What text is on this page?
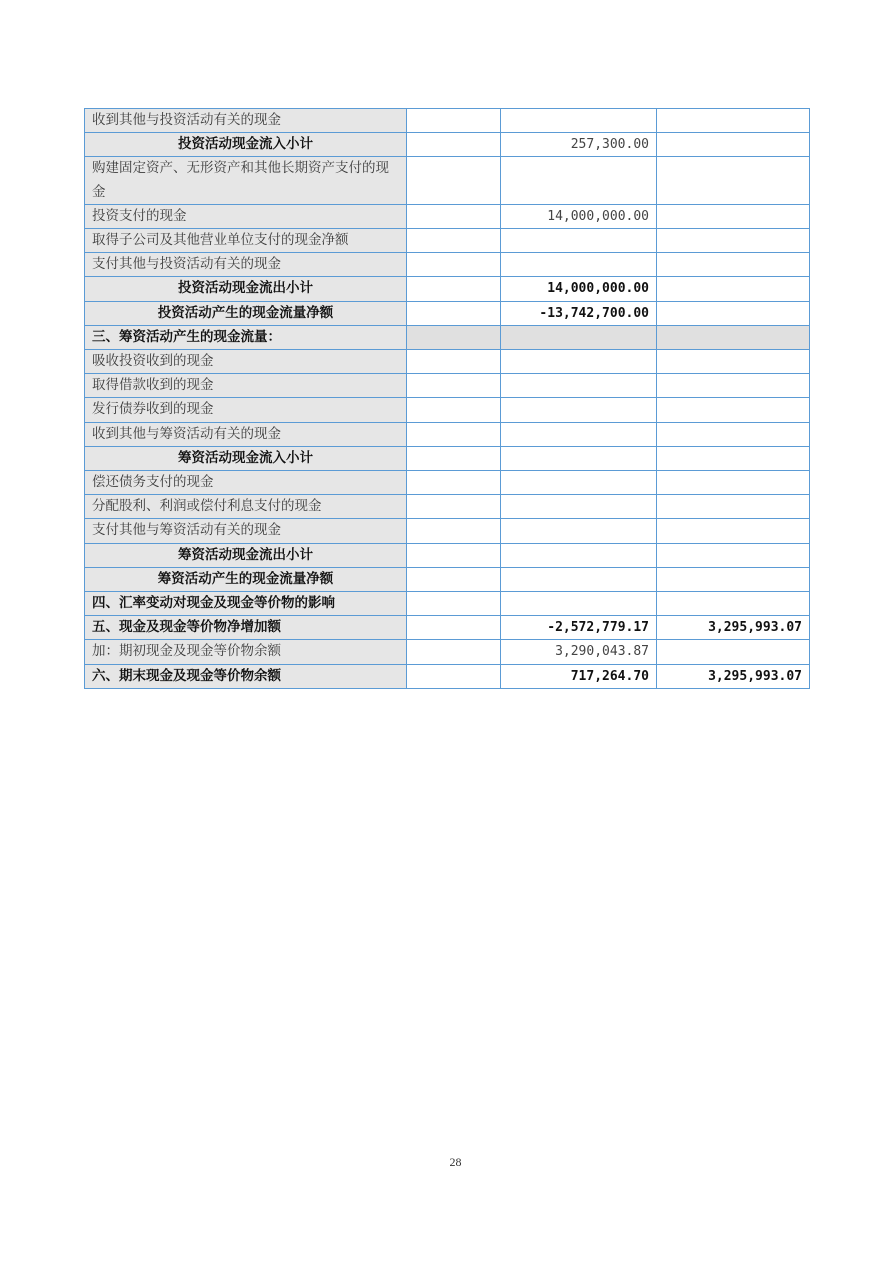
收到其他与投资活动有关的现金			
投资活动现金流入小计		257,300.00	
购建固定资产、无形资产和其他长期资产支付的现金			
投资支付的现金		14,000,000.00	
取得子公司及其他营业单位支付的现金净额			
支付其他与投资活动有关的现金			
投资活动现金流出小计		14,000,000.00	
投资活动产生的现金流量净额		-13,742,700.00	
三、筹资活动产生的现金流量：			
吸收投资收到的现金			
取得借款收到的现金			
发行债券收到的现金			
收到其他与筹资活动有关的现金			
筹资活动现金流入小计			
偿还债务支付的现金			
分配股利、利润或偿付利息支付的现金			
支付其他与筹资活动有关的现金			
筹资活动现金流出小计			
筹资活动产生的现金流量净额			
四、汇率变动对现金及现金等价物的影响			
五、现金及现金等价物净增加额		-2,572,779.17	3,295,993.07
加：期初现金及现金等价物余额		3,290,043.87	
六、期末现金及现金等价物余额		717,264.70	3,295,993.07
28
